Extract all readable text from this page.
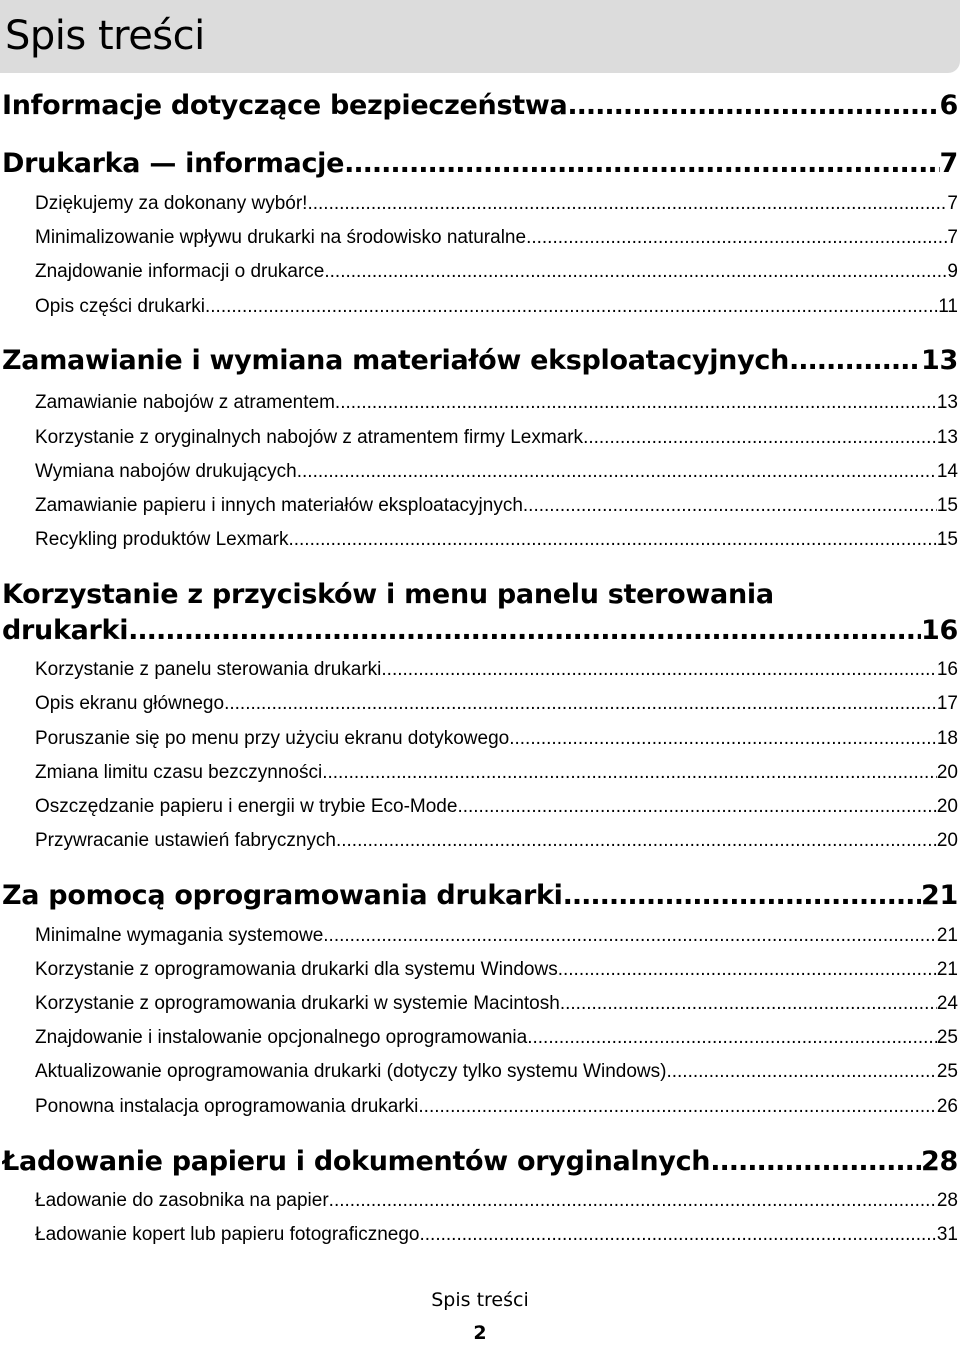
Spis treści
Informacje dotyczące bezpieczeństwa .....	6
Drukarka — informacje .....	7
Dziękujemy za dokonany wybór! .....	7
Minimalizowanie wpływu drukarki na środowisko naturalne .....	7
Znajdowanie informacji o drukarce .....	9
Opis części drukarki .....	11
Zamawianie i wymiana materiałów eksploatacyjnych .....	13
Zamawianie nabojów z atramentem .....	13
Korzystanie z oryginalnych nabojów z atramentem firmy Lexmark .....	13
Wymiana nabojów drukujących .....	14
Zamawianie papieru i innych materiałów eksploatacyjnych .....	15
Recykling produktów Lexmark .....	15
Korzystanie z przycisków i menu panelu sterowania
drukarki .....	16
Korzystanie z panelu sterowania drukarki .....	16
Opis ekranu głównego .....	17
Poruszanie się po menu przy użyciu ekranu dotykowego .....	18
Zmiana limitu czasu bezczynności .....	20
Oszczędzanie papieru i energii w trybie Eco-Mode .....	20
Przywracanie ustawień fabrycznych .....	20
Za pomocą oprogramowania drukarki .....	21
Minimalne wymagania systemowe .....	21
Korzystanie z oprogramowania drukarki dla systemu Windows .....	21
Korzystanie z oprogramowania drukarki w systemie Macintosh .....	24
Znajdowanie i instalowanie opcjonalnego oprogramowania .....	25
Aktualizowanie oprogramowania drukarki (dotyczy tylko systemu Windows) .....	25
Ponowna instalacja oprogramowania drukarki .....	26
Ładowanie papieru i dokumentów oryginalnych .....	28
Ładowanie do zasobnika na papier .....	28
Ładowanie kopert lub papieru fotograficznego .....	31
Spis treści
2
